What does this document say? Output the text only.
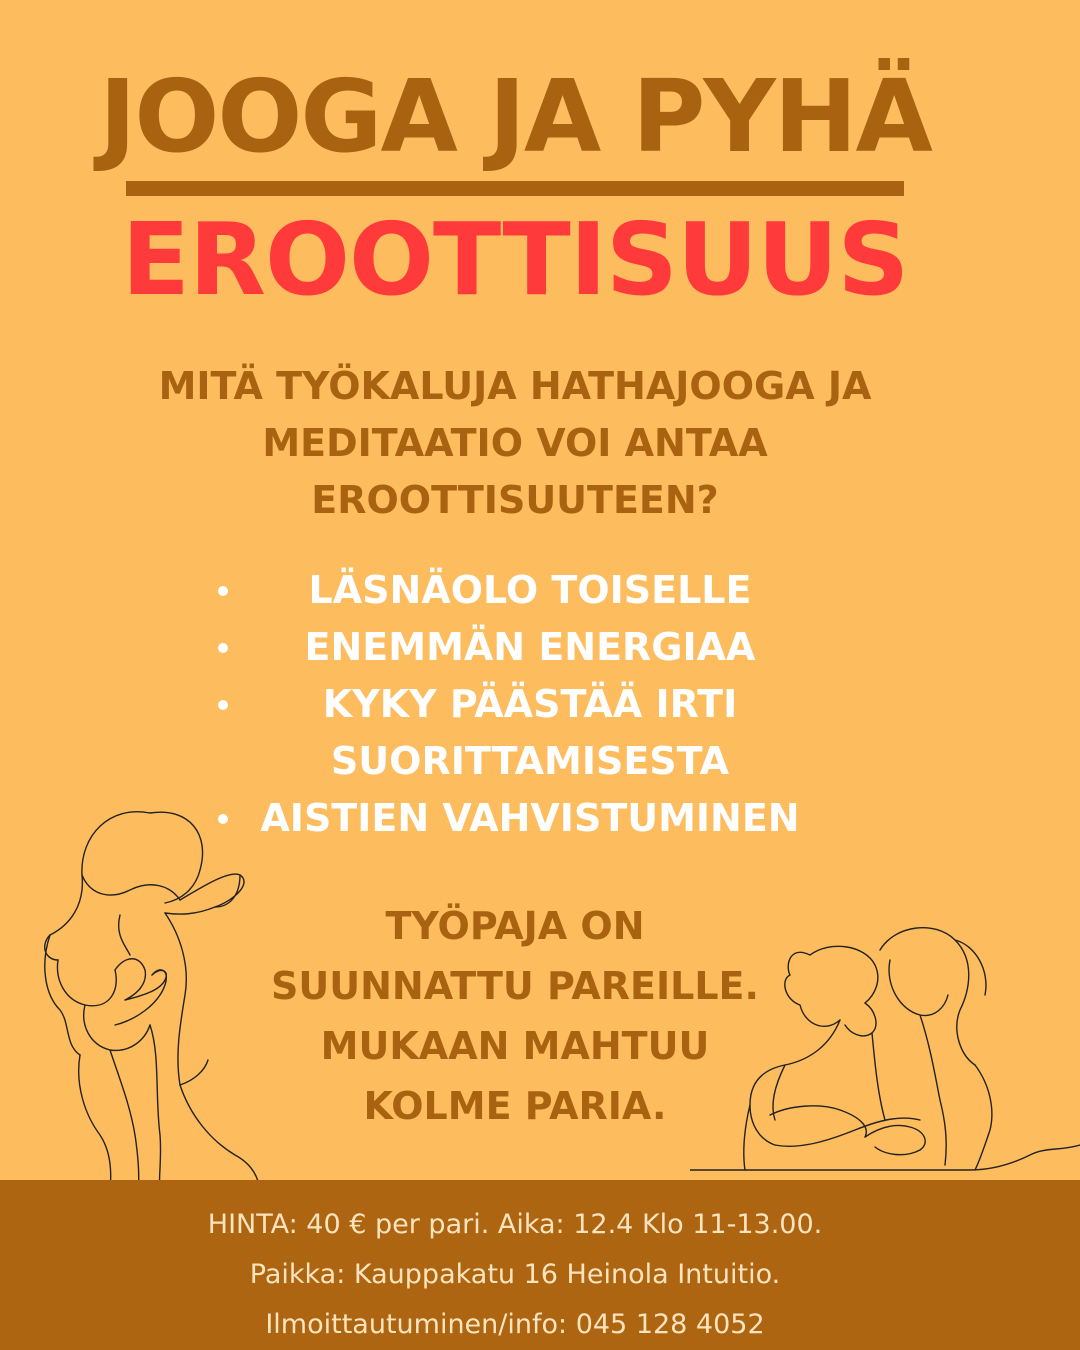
JOOGA JA PYHÄ
EROOTTISUUS
MITÄ TYÖKALUJA HATHAJOOGA JA
MEDITAATIO VOI ANTAA
EROOTTISUUTEEN?
LÄSNÄOLO TOISELLE
ENEMMÄN ENERGIAA
KYKY PÄÄSTÄÄ IRTI
SUORITTAMISESTA
AISTIEN VAHVISTUMINEN
TYÖPAJA ON
SUUNNATTU PAREILLE.
MUKAAN MAHTUU
KOLME PARIA.
HINTA: 40 € per pari. Aika: 12.4 Klo 11-13.00.
Paikka: Kauppakatu 16 Heinola Intuitio.
Ilmoittautuminen/info: 045 128 4052
